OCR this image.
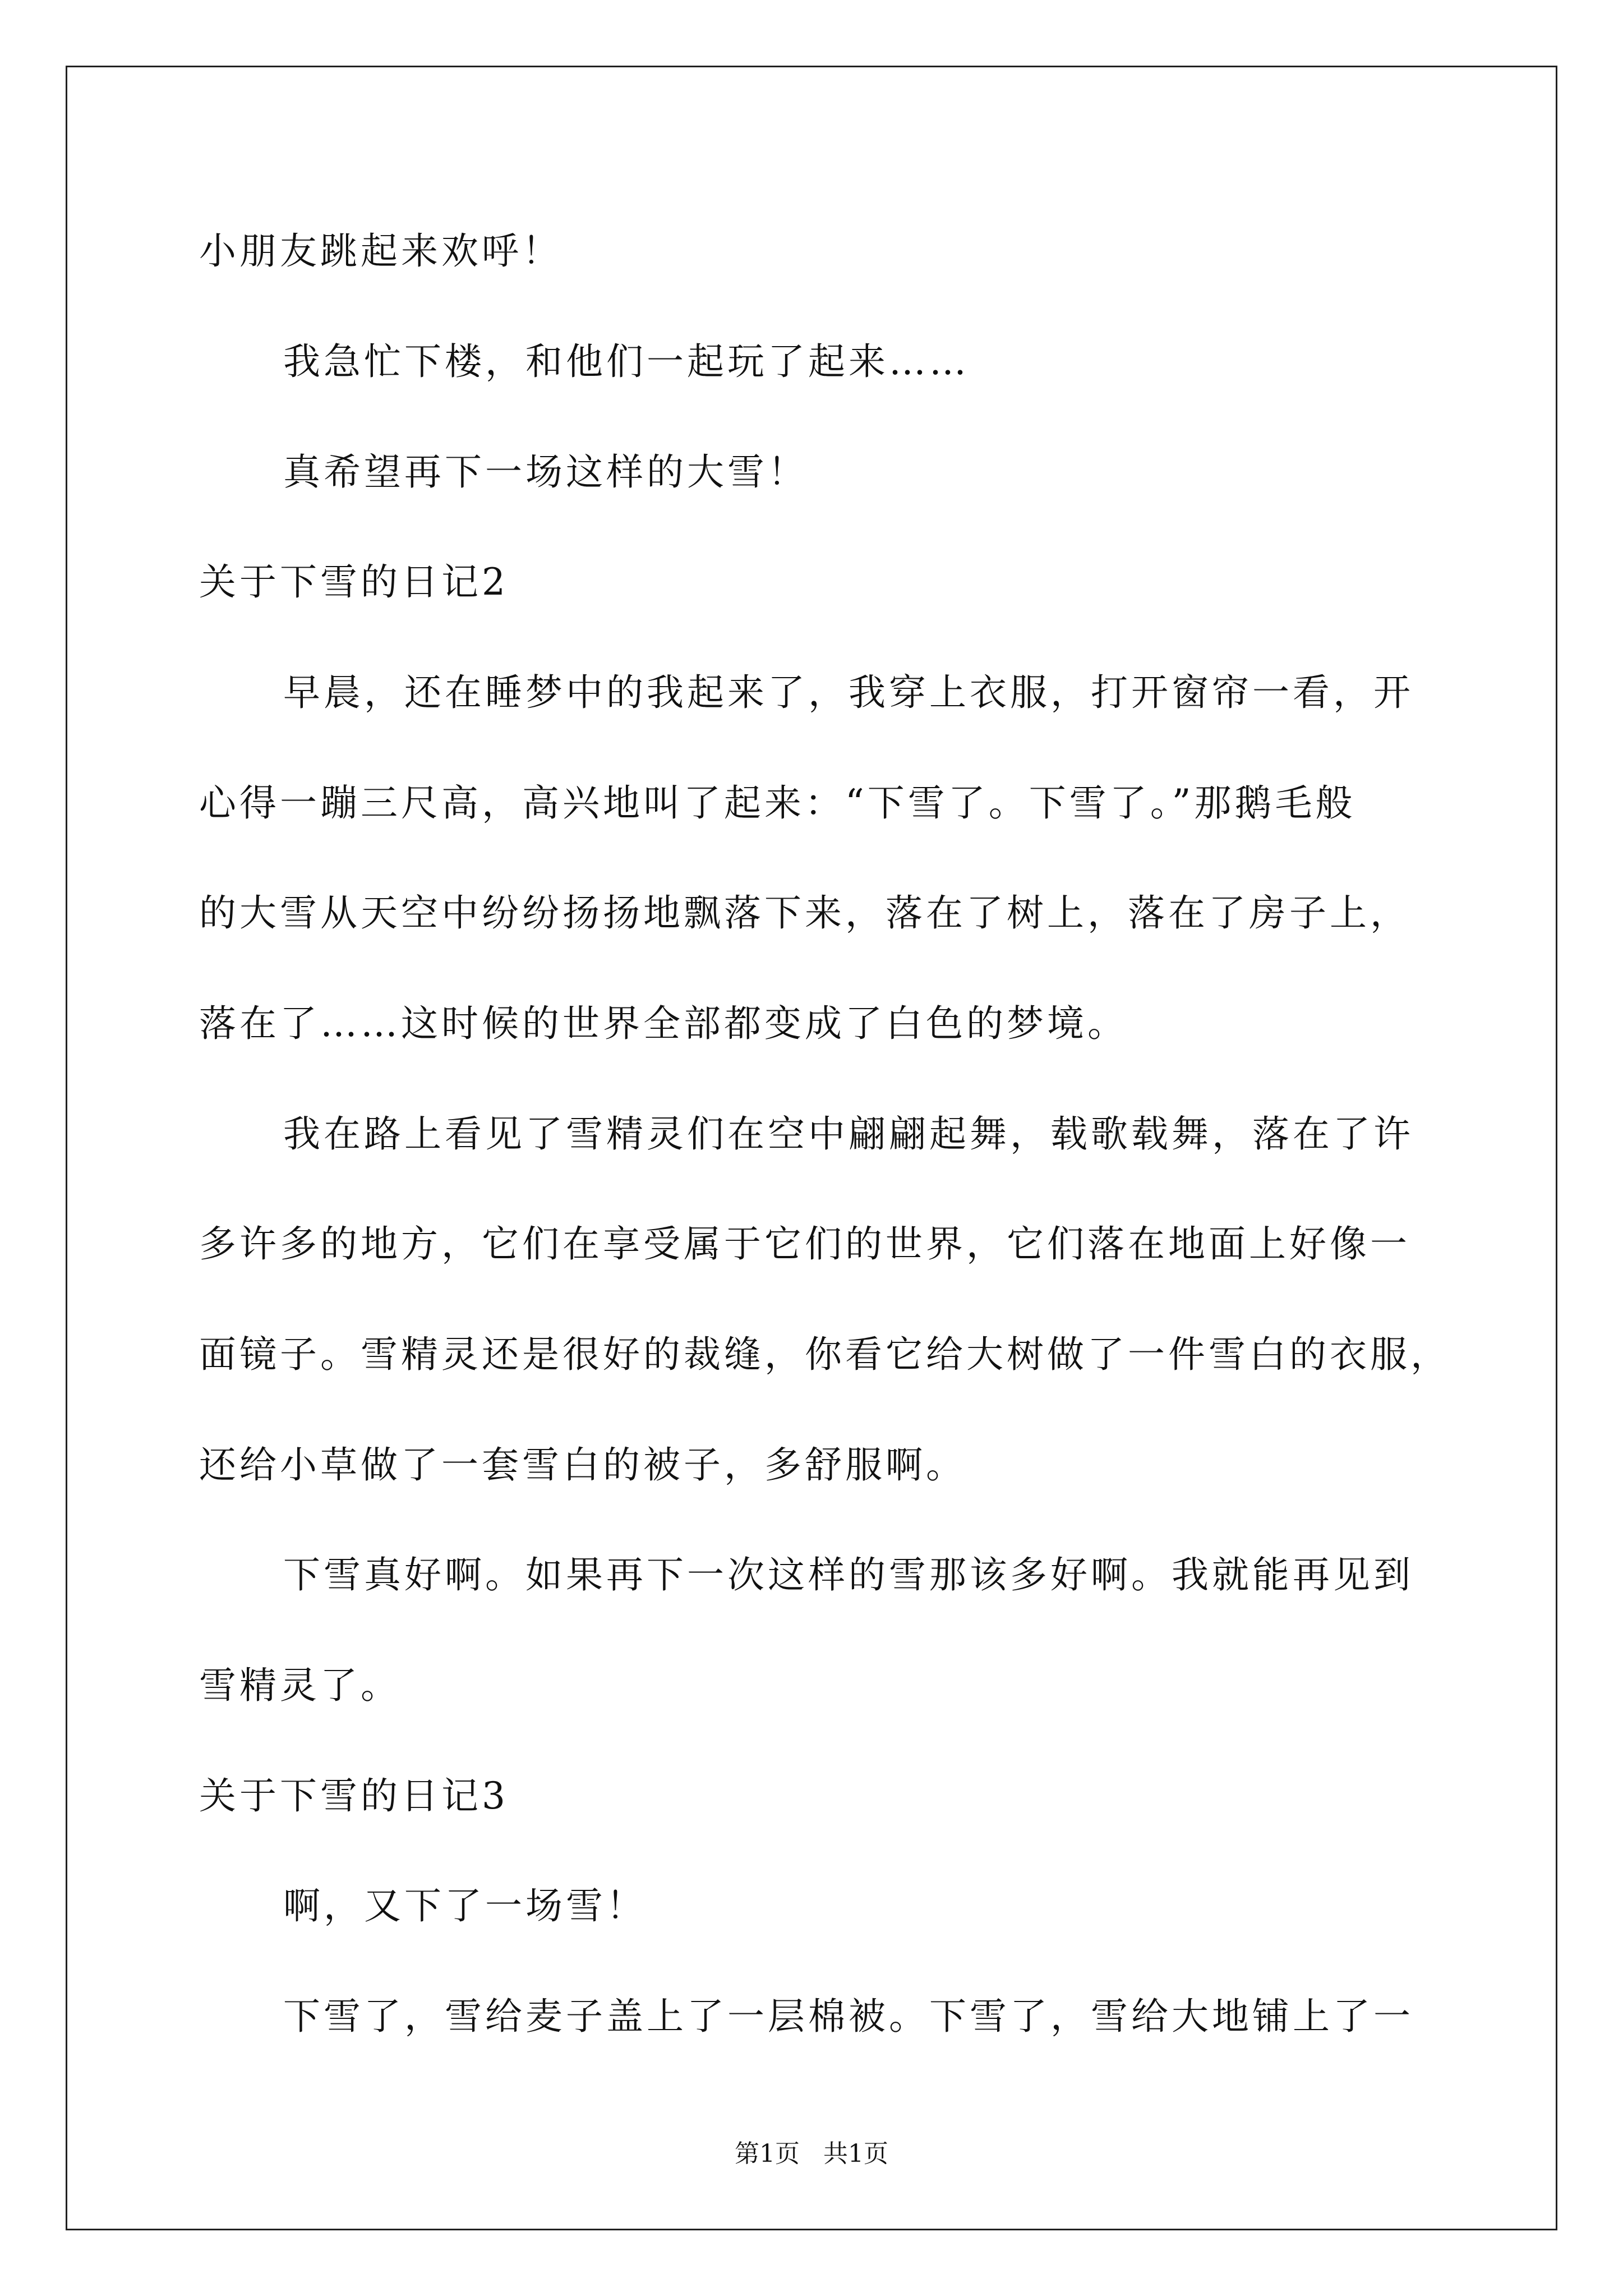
小朋友跳起来欢呼！
我急忙下楼，和他们一起玩了起来……
真希望再下一场这样的大雪！
关于下雪的日记2
早晨，还在睡梦中的我起来了，我穿上衣服，打开窗帘一看，开
心得一蹦三尺高，高兴地叫了起来：“下雪了。下雪了。”那鹅毛般
的大雪从天空中纷纷扬扬地飘落下来，落在了树上，落在了房子上，
落在了……这时候的世界全部都变成了白色的梦境。
我在路上看见了雪精灵们在空中翩翩起舞，载歌载舞，落在了许
多许多的地方，它们在享受属于它们的世界，它们落在地面上好像一
面镜子。雪精灵还是很好的裁缝，你看它给大树做了一件雪白的衣服，
还给小草做了一套雪白的被子，多舒服啊。
下雪真好啊。如果再下一次这样的雪那该多好啊。我就能再见到
雪精灵了。
关于下雪的日记3
啊，又下了一场雪！
下雪了，雪给麦子盖上了一层棉被。下雪了，雪给大地铺上了一
第1页 共1页
